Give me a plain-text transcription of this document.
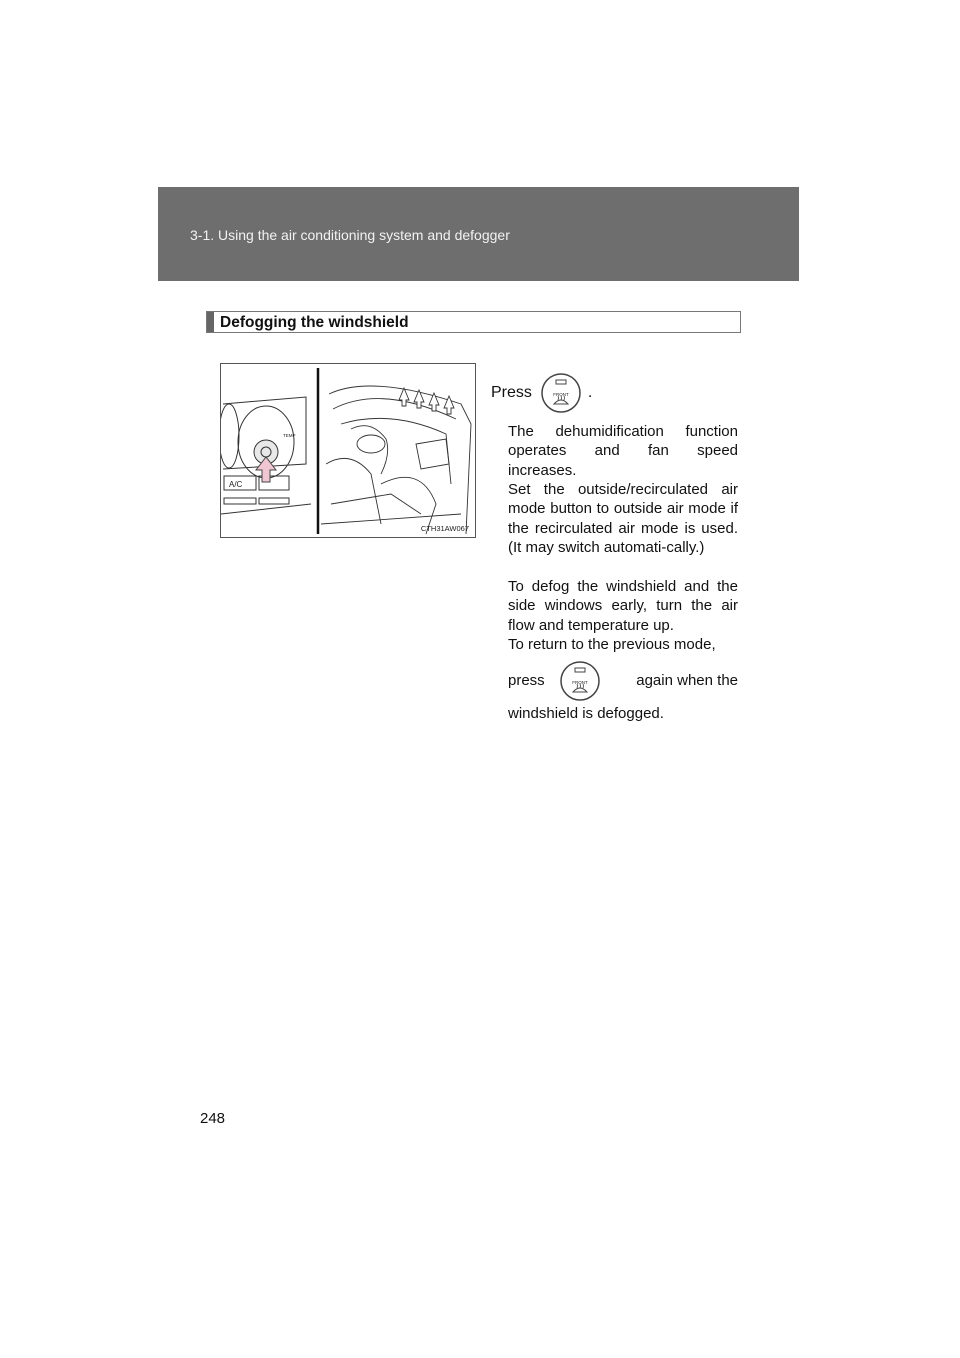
3-1. Using the air conditioning system and defogger
Defogging the windshield
A/C
TEMP
CTH31AW067
Press	FRONT .
The dehumidification function operates and fan speed increases.
Set the outside/recirculated air mode button to outside air mode if the recirculated air mode is used. (It may switch automati-cally.)
To defog the windshield and the side windows early, turn the air flow and temperature up.
To return to the previous mode,
press	FRONT	again when the
windshield is defogged.
248
